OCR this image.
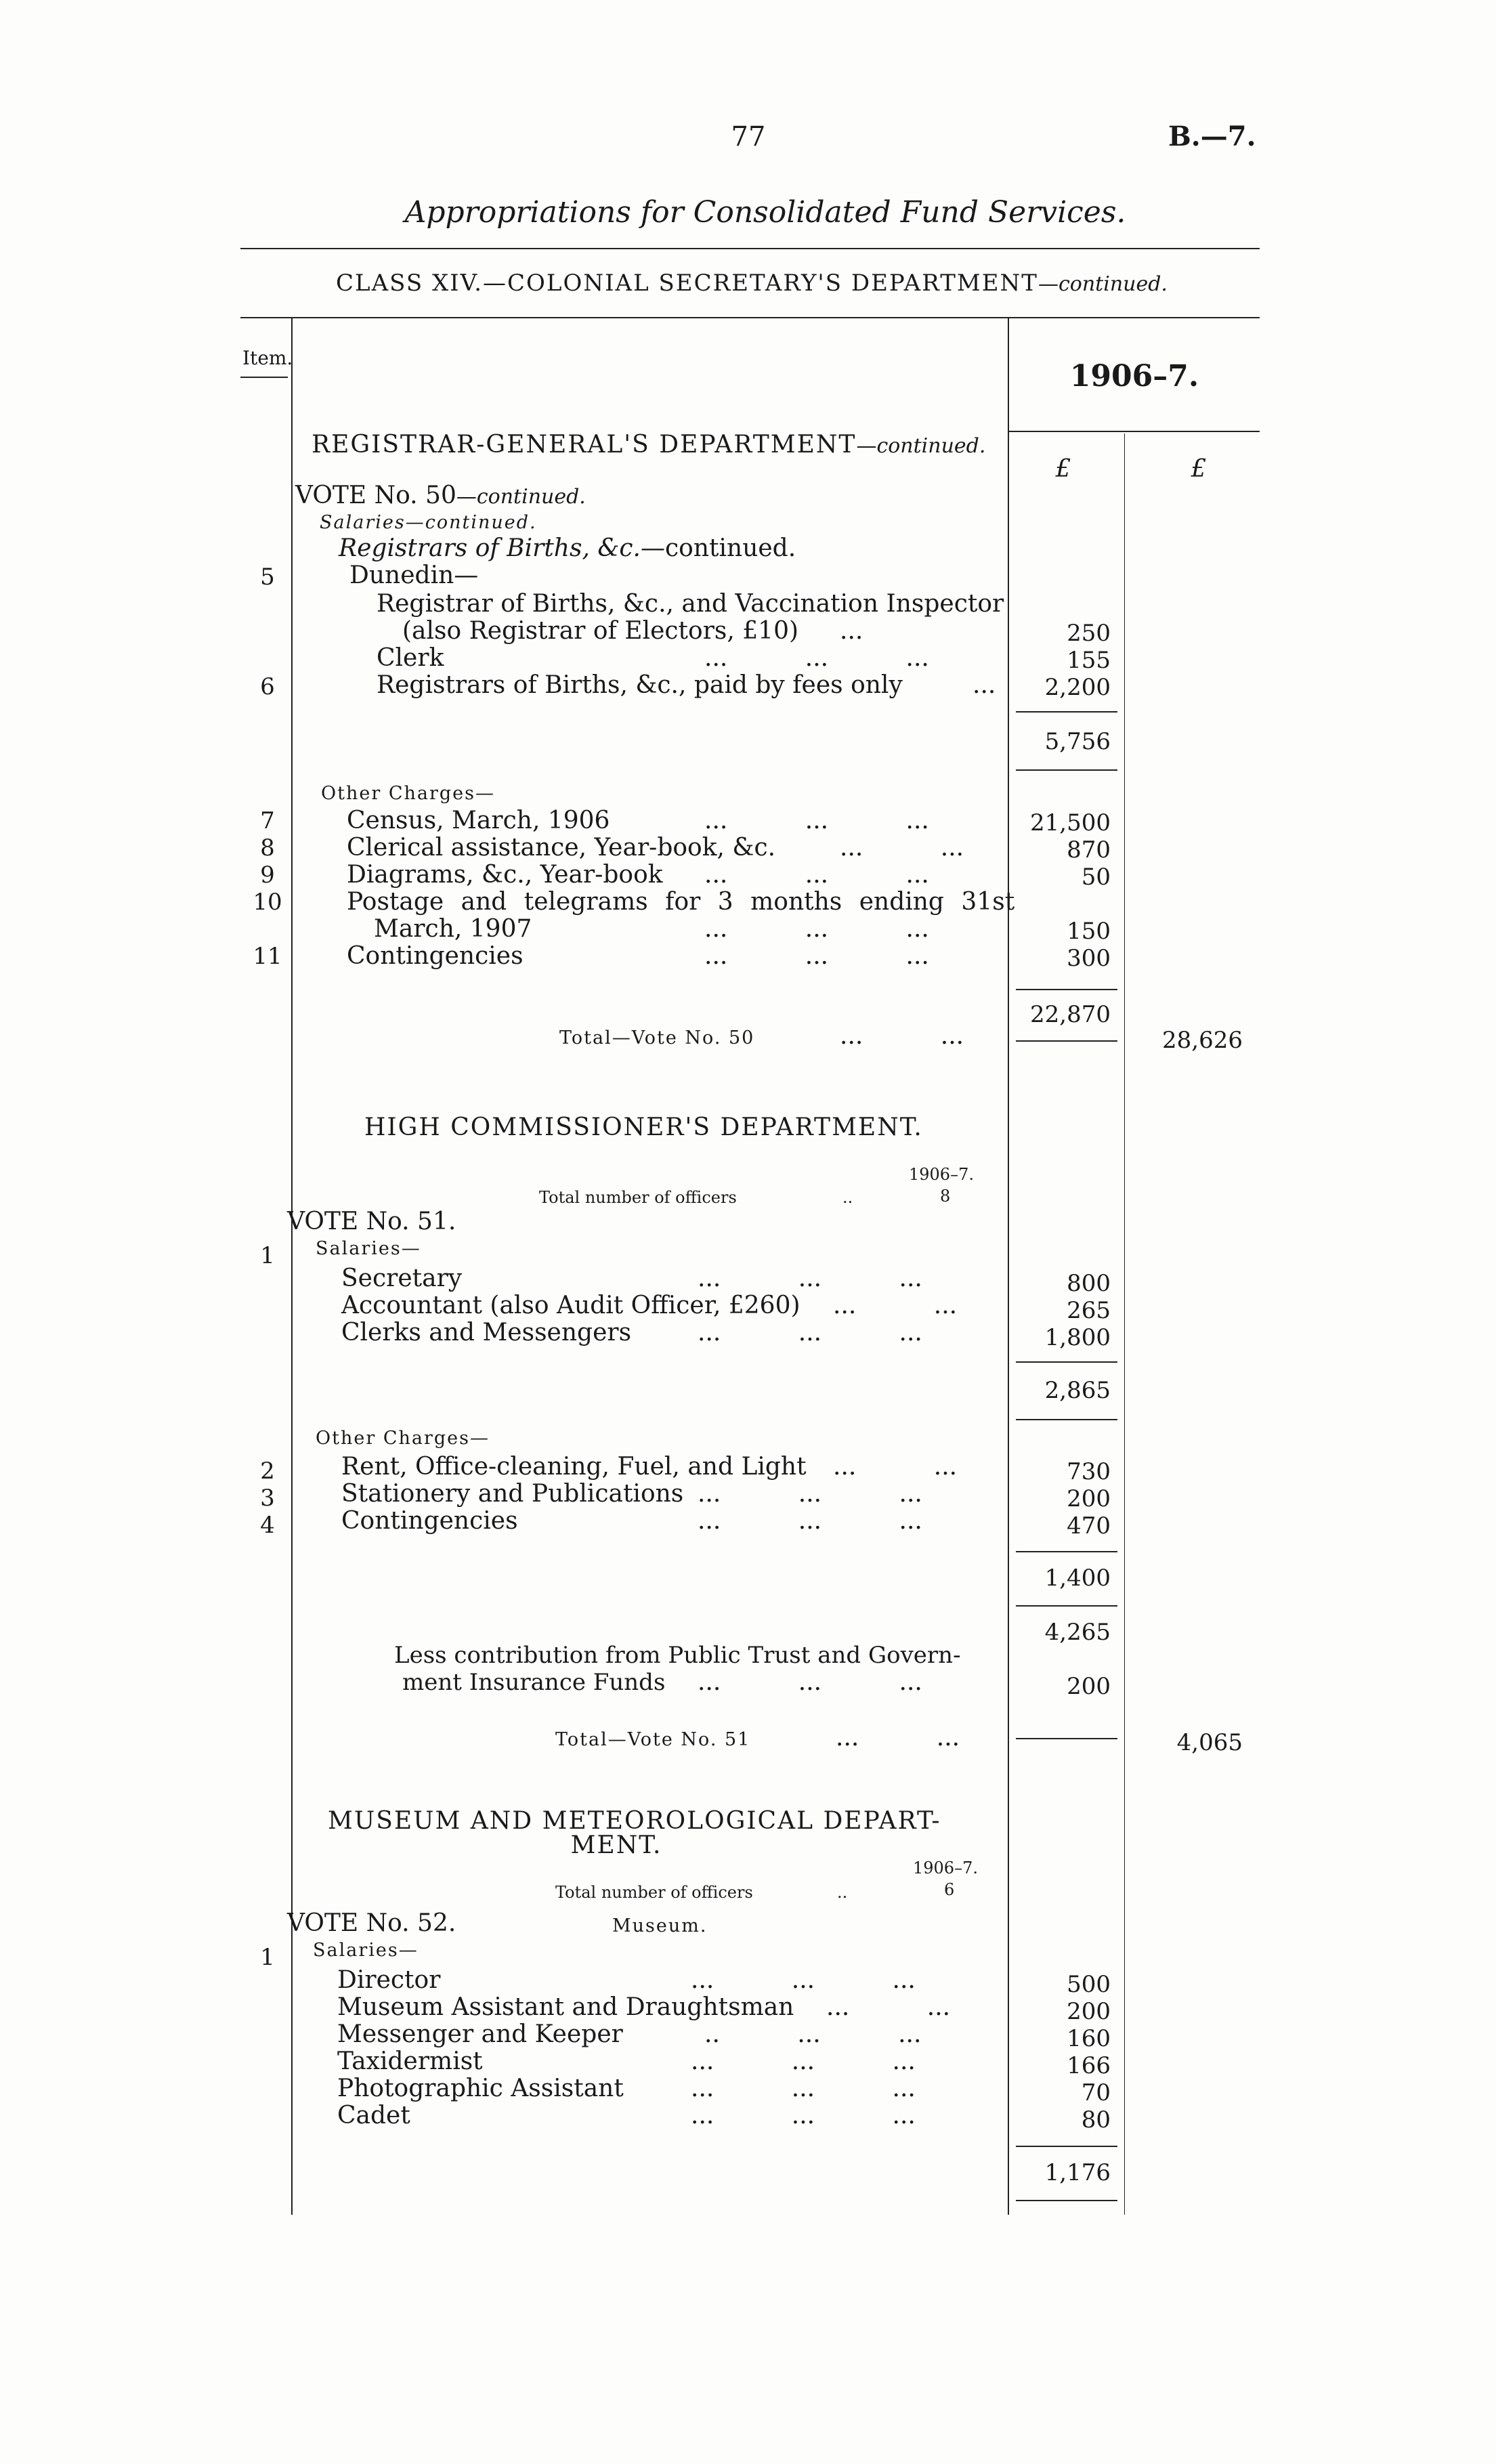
77	B.—7.
Appropriations for Consolidated Fund Services.
CLASS XIV.—COLONIAL SECRETARY'S DEPARTMENT—continued.
Item.
1906–7.
£	£
REGISTRAR-GENERAL'S DEPARTMENT—continued.
VOTE No. 50—continued.
Salaries—continued.
Registrars of Births, &c.—continued.
5	Dunedin—
Registrar of Births, &c., and Vaccination Inspector
(also Registrar of Electors, £10) ...	250
Clerk	...          ...          ...	155
6	Registrars of Births, &c., paid by fees only	...	2,200
5,756
Other Charges—
7	Census, March, 1906	...          ...          ...	21,500
8	Clerical assistance, Year-book, &c.	...          ...	870
9	Diagrams, &c., Year-book ...          ...          ...	50
10	Postage and telegrams for 3 months ending 31st
March, 1907	...          ...          ...	150
11	Contingencies	...          ...          ...	300
22,870
Total—Vote No. 50	...          ...	28,626
HIGH COMMISSIONER'S DEPARTMENT.
1906–7.
Total number of officers	..	8
VOTE No. 51.
1	Salaries—
Secretary	...          ...          ...	800
Accountant (also Audit Officer, £260) ...          ...	265
Clerks and Messengers	...          ...          ...	1,800
2,865
Other Charges—
2	Rent, Office-cleaning, Fuel, and Light ...          ...	730
3	Stationery and Publications ...          ...          ...	200
4	Contingencies	...          ...          ...	470
1,400
4,265
Less contribution from Public Trust and Govern-
ment Insurance Funds ...          ...          ...	200
Total—Vote No. 51	...          ...	4,065
MUSEUM AND METEOROLOGICAL DEPART-
MENT.
1906–7.
Total number of officers	..	6
VOTE No. 52.	Museum.
1	Salaries—
Director	...          ...          ...	500
Museum Assistant and Draughtsman ...          ...	200
Messenger and Keeper	..          ...          ...	160
Taxidermist	...          ...          ...	166
Photographic Assistant	...          ...          ...	70
Cadet	...          ...          ...	80
1,176
